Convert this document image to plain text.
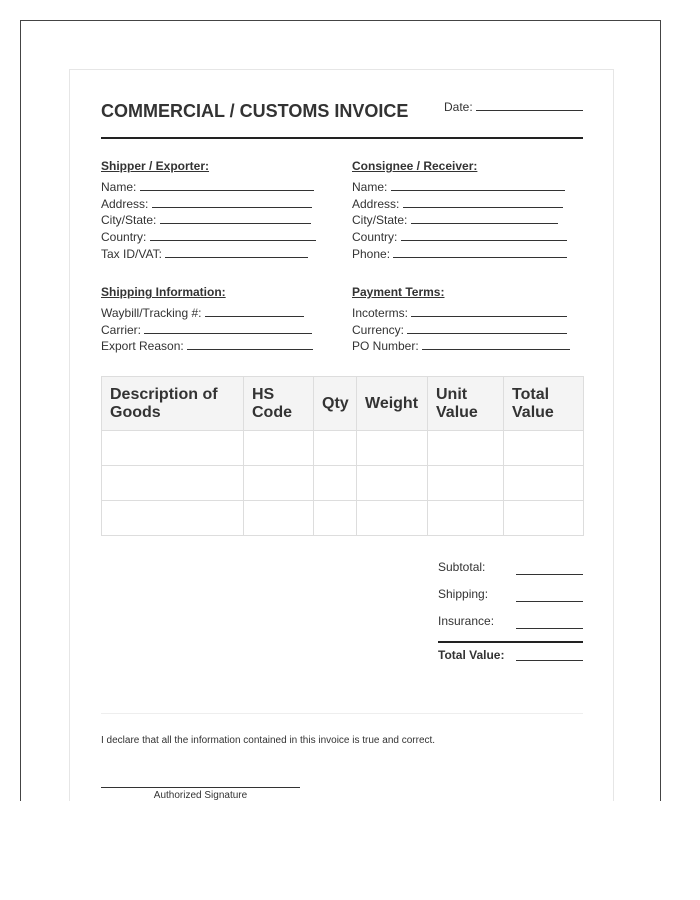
COMMERCIAL / CUSTOMS INVOICE	Date:
Shipper / Exporter:
Name:
Address:
City/State:
Country:
Tax ID/VAT:
Consignee / Receiver:
Name:
Address:
City/State:
Country:
Phone:
Shipping Information:
Waybill/Tracking #:
Carrier:
Export Reason:
Payment Terms:
Incoterms:
Currency:
PO Number:
Description of Goods	HS Code	Qty	Weight	Unit Value	Total Value

Subtotal:
Shipping:
Insurance:
Total Value:
I declare that all the information contained in this invoice is true and correct.
Authorized Signature
